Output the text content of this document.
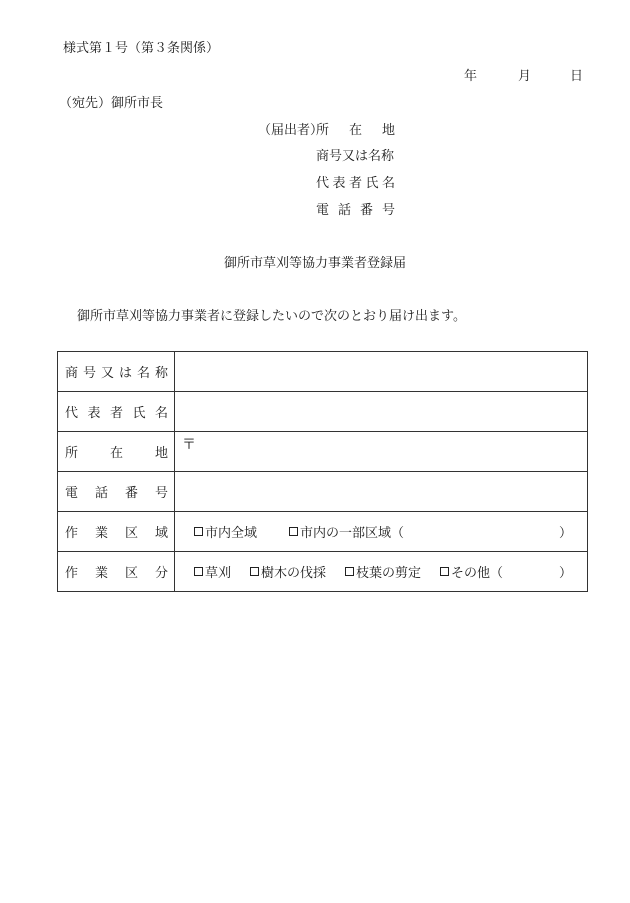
様式第１号（第３条関係）
年	月	日
（宛先）御所市長
（届出者）
所在地
商号又は名称
代表者氏名
電話番号
御所市草刈等協力事業者登録届
御所市草刈等協力事業者に登録したいので次のとおり届け出ます。
商号又は名称	

代表者氏名	

所在地	〒

電話番号	

作業区域	市内全域 市内の一部区域（ ）

作業区分	草刈 樹木の伐採 枝葉の剪定 その他（ ）
